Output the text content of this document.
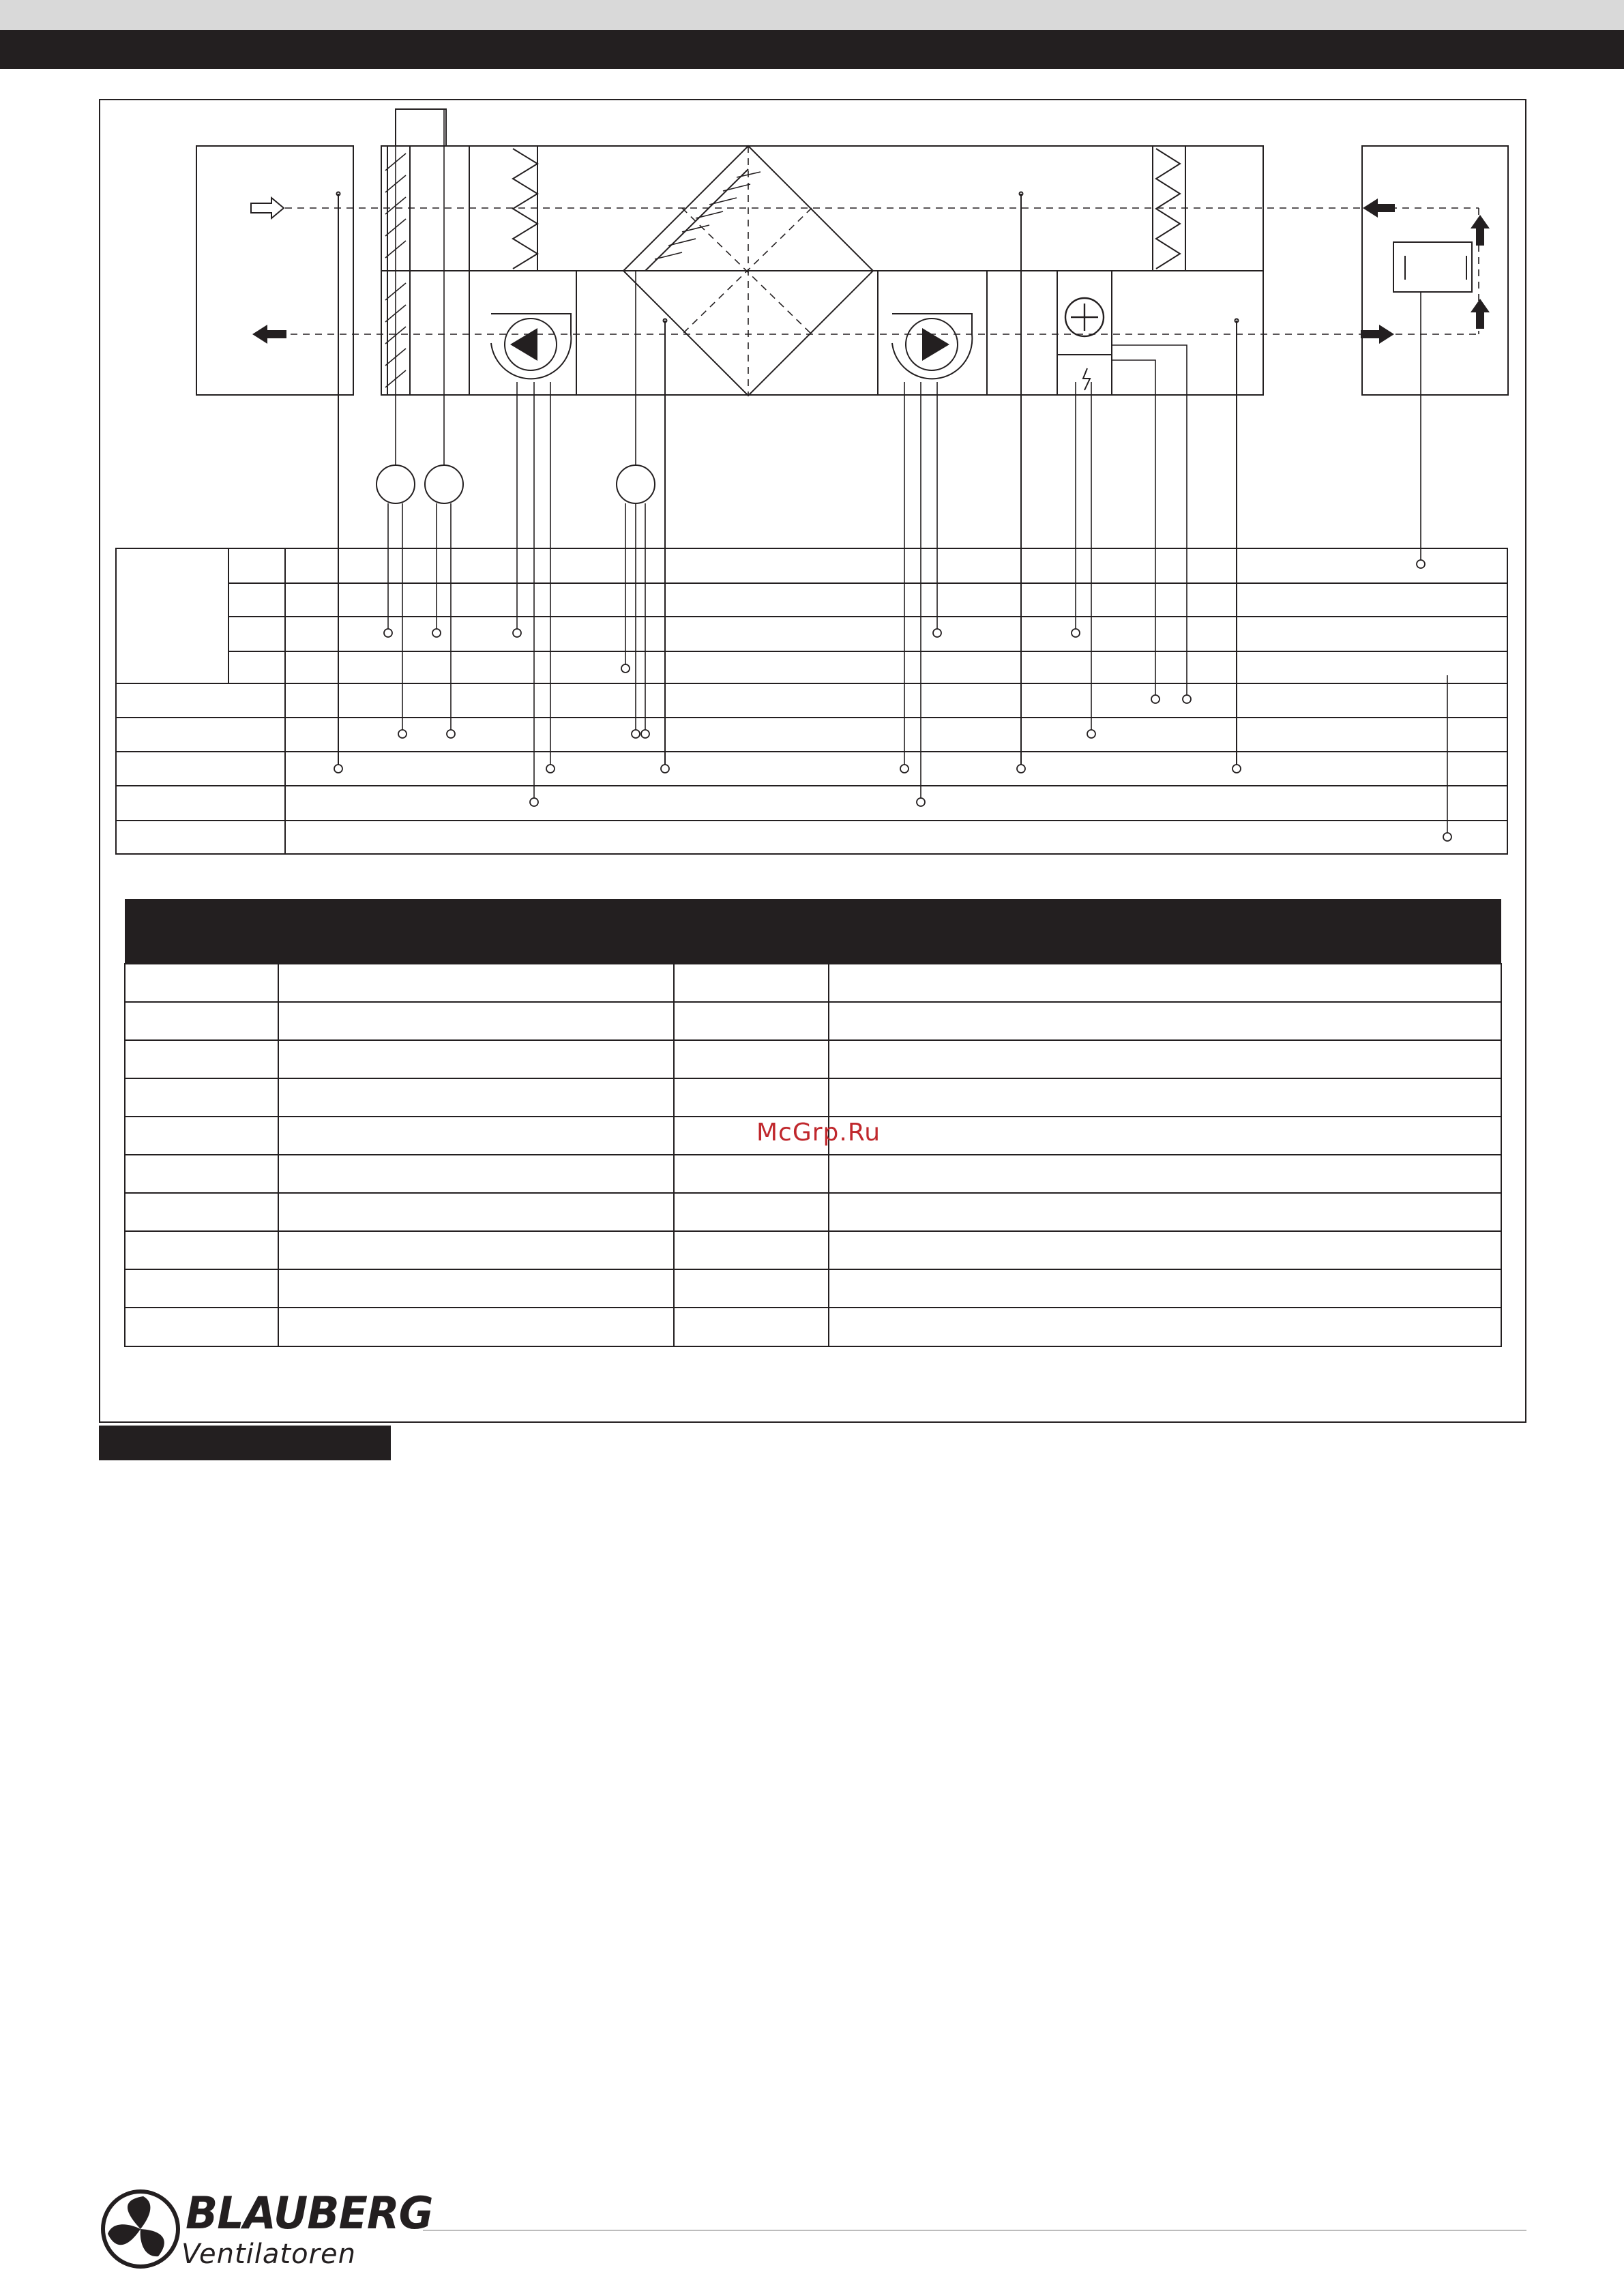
McGrp.Ru
BLAUBERG
Ventilatoren
